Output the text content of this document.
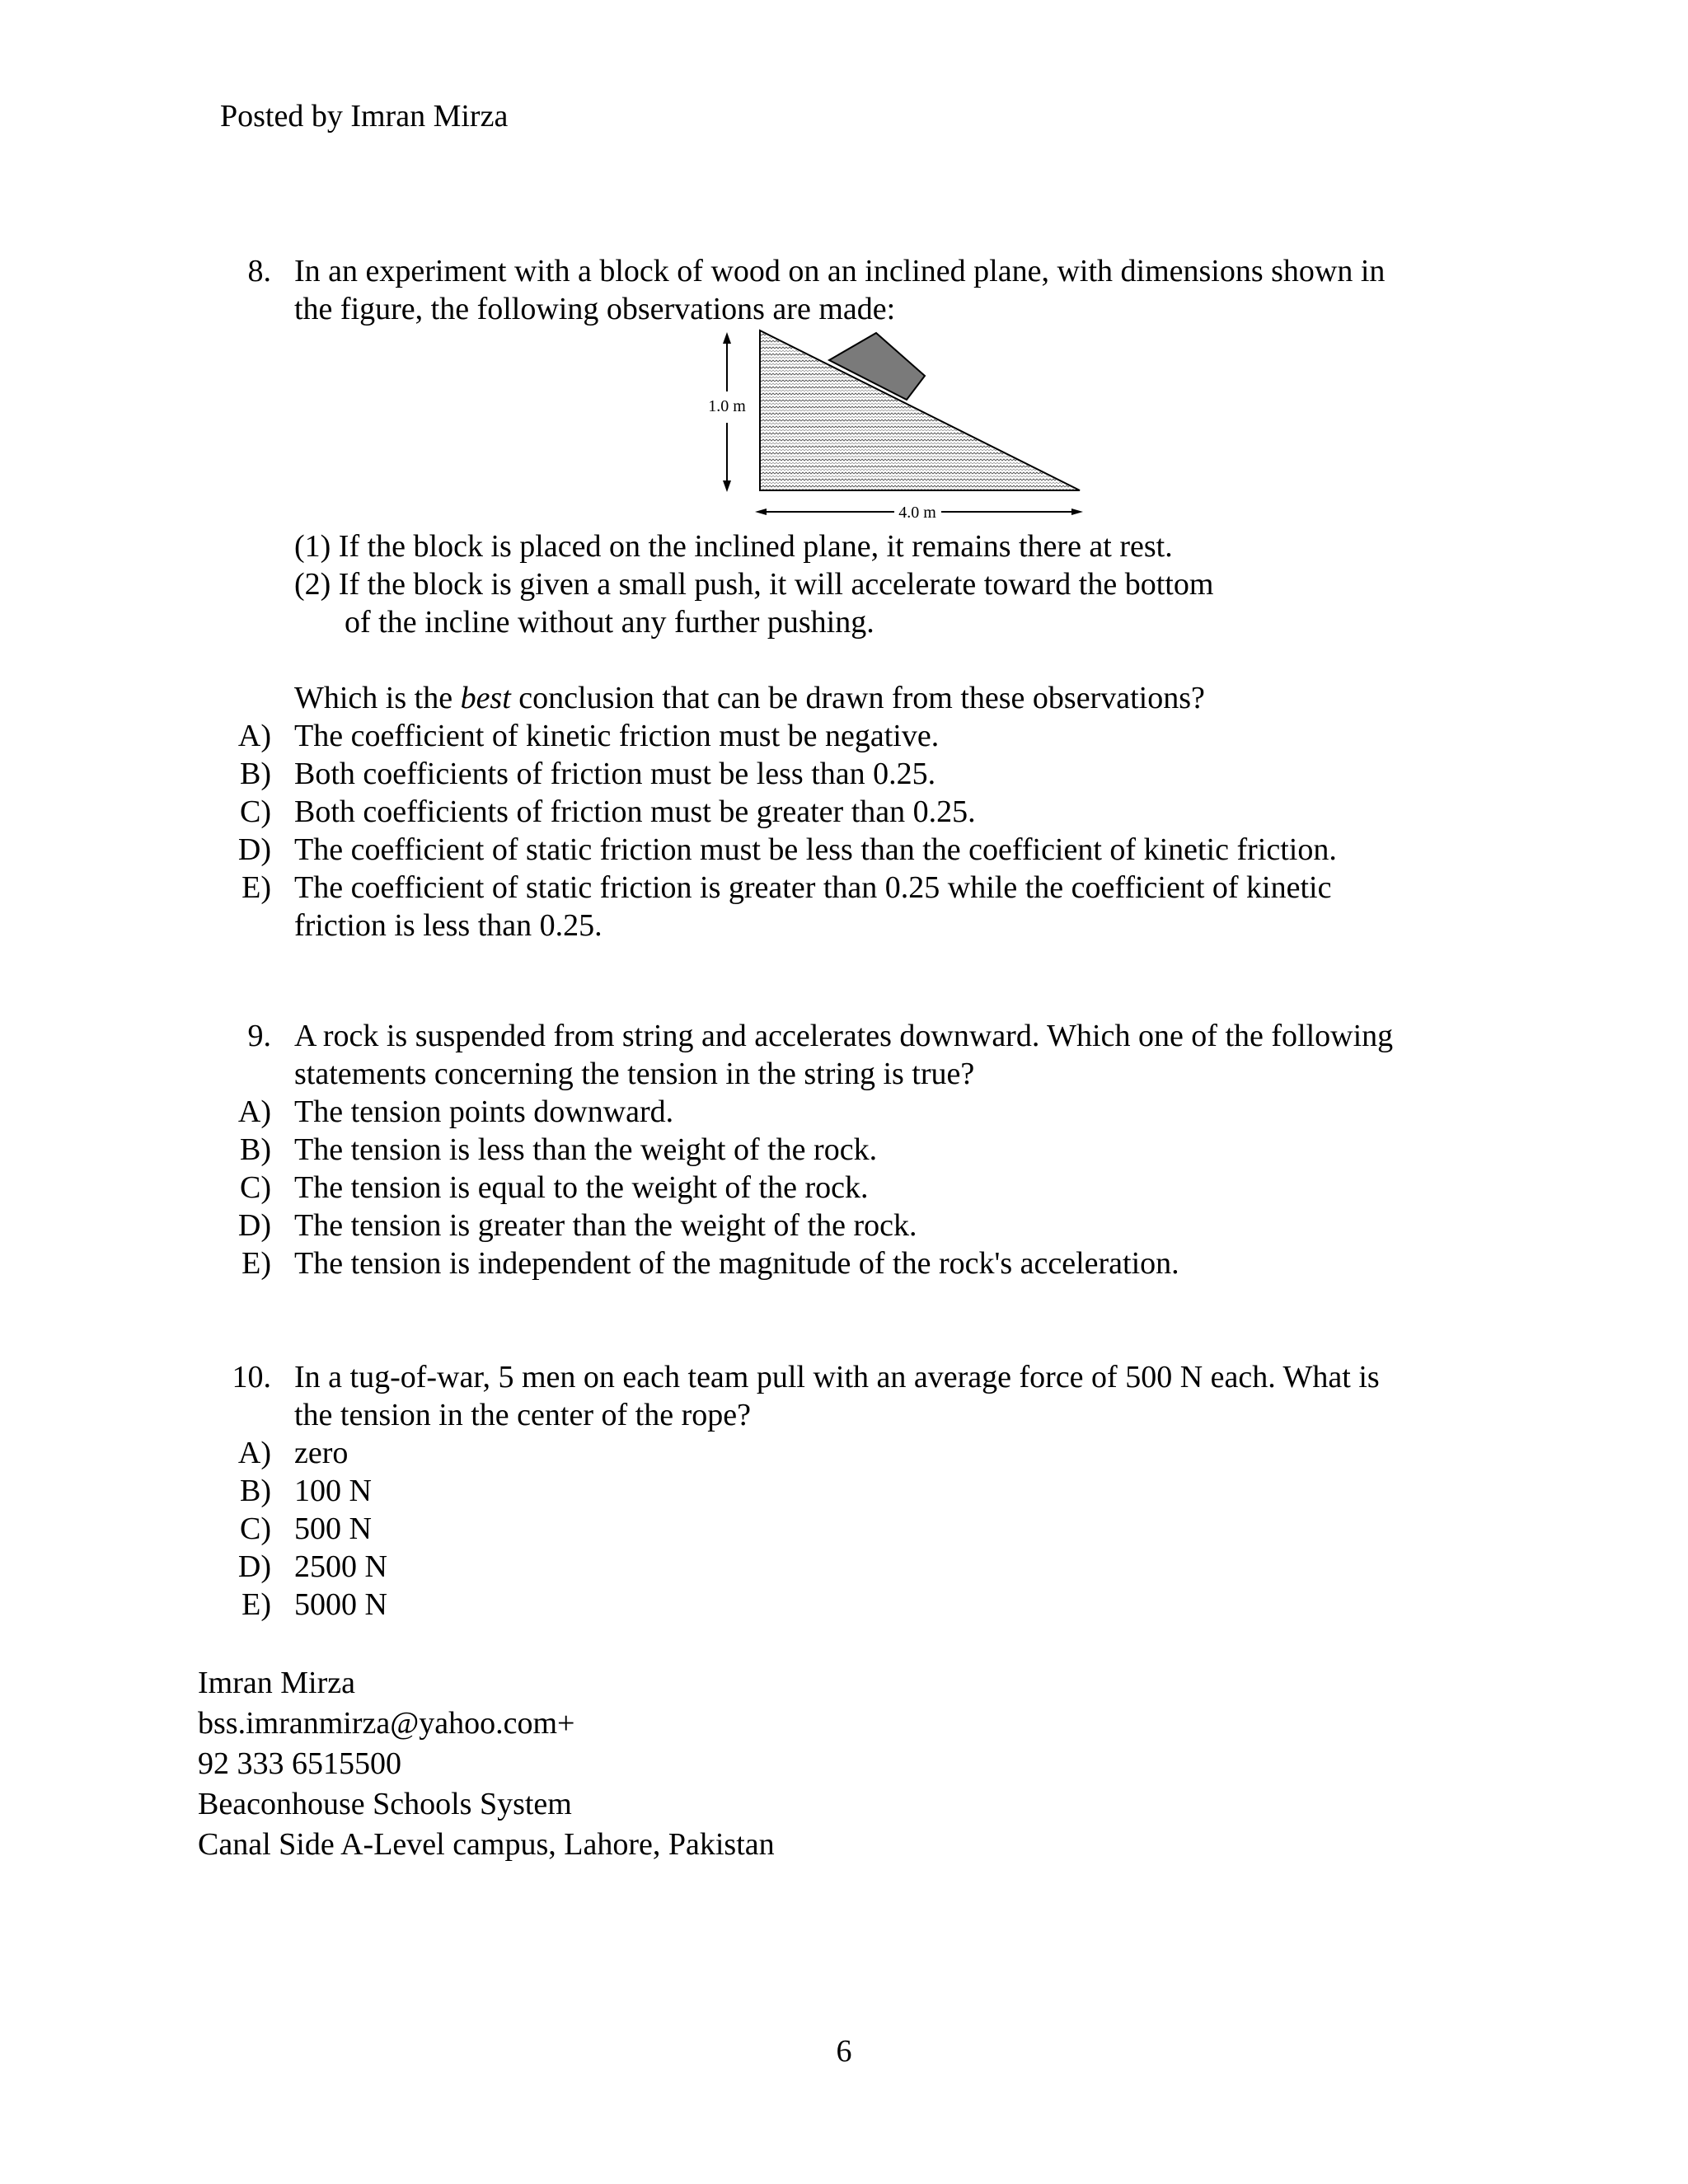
Posted by Imran Mirza
8. In an experiment with a block of wood on an inclined plane, with dimensions shown in
the figure, the following observations are made:
1.0 m
4.0 m
(1) If the block is placed on the inclined plane, it remains there at rest.
(2) If the block is given a small push, it will accelerate toward the bottom
of the incline without any further pushing.
Which is the best conclusion that can be drawn from these observations?
A) The coefficient of kinetic friction must be negative.
B) Both coefficients of friction must be less than 0.25.
C) Both coefficients of friction must be greater than 0.25.
D) The coefficient of static friction must be less than the coefficient of kinetic friction.
E) The coefficient of static friction is greater than 0.25 while the coefficient of kinetic
friction is less than 0.25.
9. A rock is suspended from string and accelerates downward. Which one of the following
statements concerning the tension in the string is true?
A) The tension points downward.
B) The tension is less than the weight of the rock.
C) The tension is equal to the weight of the rock.
D) The tension is greater than the weight of the rock.
E) The tension is independent of the magnitude of the rock's acceleration.
10. In a tug-of-war, 5 men on each team pull with an average force of 500 N each. What is
the tension in the center of the rope?
A) zero
B) 100 N
C) 500 N
D) 2500 N
E) 5000 N
Imran Mirza
bss.imranmirza@yahoo.com+
92 333 6515500
Beaconhouse Schools System
Canal Side A-Level campus, Lahore, Pakistan
6
